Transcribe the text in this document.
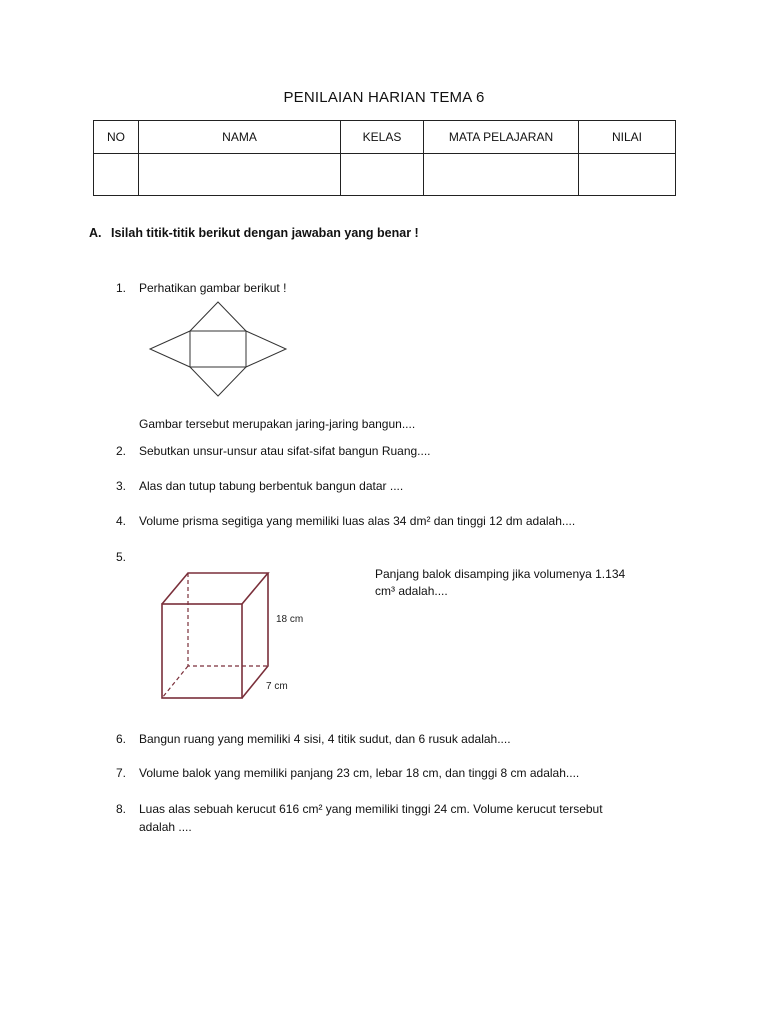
PENILAIAN HARIAN TEMA 6
NO	NAMA	KELAS	MATA PELAJARAN	NILAI

A. Isilah titik-titik berikut dengan jawaban yang benar !
1. Perhatikan gambar berikut !
Gambar tersebut merupakan jaring-jaring bangun....
2. Sebutkan unsur-unsur atau sifat-sifat bangun Ruang....
3. Alas dan tutup tabung berbentuk bangun datar ....
4. Volume prisma segitiga yang memiliki luas alas 34 dm² dan tinggi 12 dm adalah....
5.
18 cm
7 cm
Panjang balok disamping jika volumenya 1.134
cm³ adalah....
6. Bangun ruang yang memiliki 4 sisi, 4 titik sudut, dan 6 rusuk adalah....
7. Volume balok yang memiliki panjang 23 cm, lebar 18 cm, dan tinggi 8 cm adalah....
8. Luas alas sebuah kerucut 616 cm² yang memiliki tinggi 24 cm. Volume kerucut tersebut
adalah ....
